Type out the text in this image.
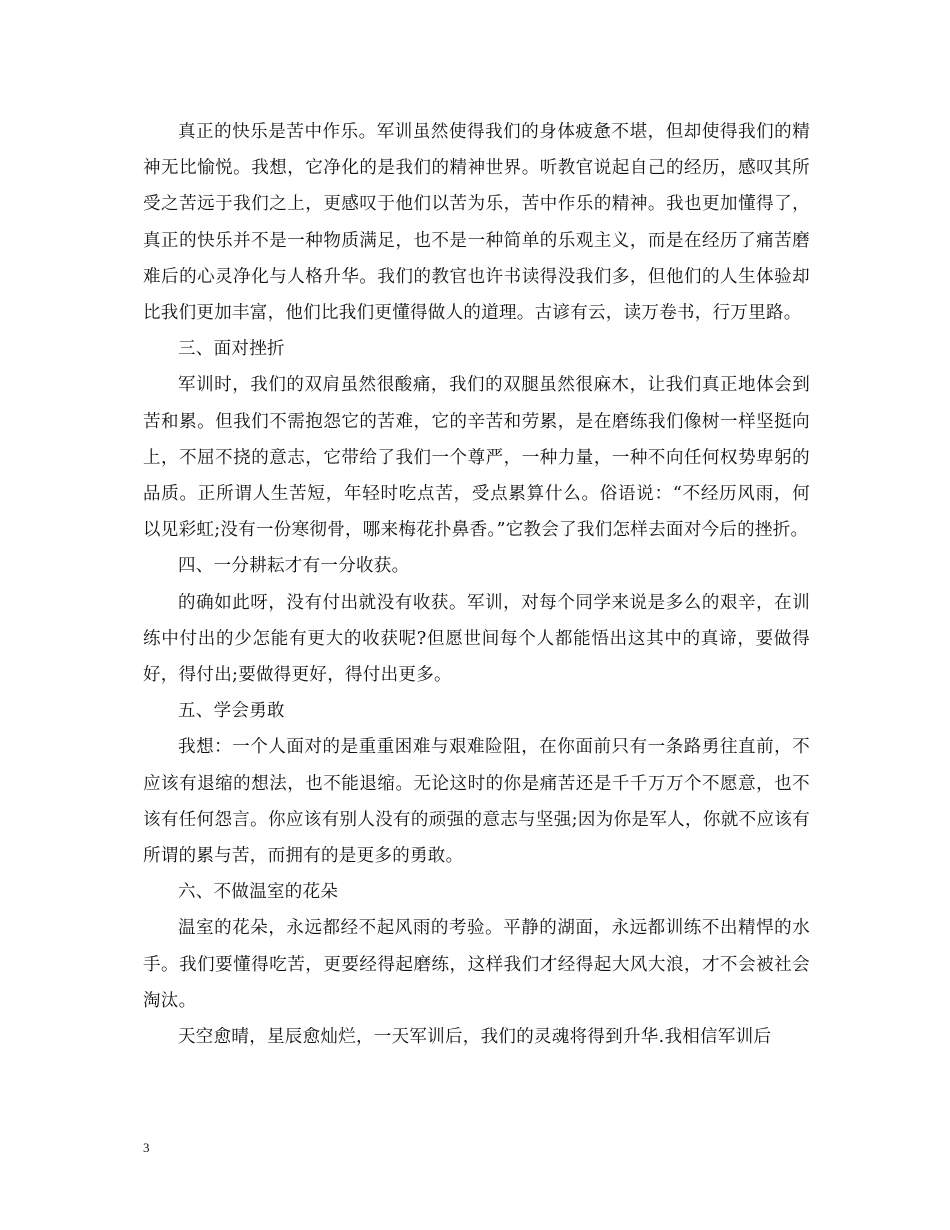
真正的快乐是苦中作乐。军训虽然使得我们的身体疲惫不堪，但却使得我们的精神无比愉悦。我想，它净化的是我们的精神世界。听教官说起自己的经历，感叹其所受之苦远于我们之上，更感叹于他们以苦为乐，苦中作乐的精神。我也更加懂得了，真正的快乐并不是一种物质满足，也不是一种简单的乐观主义，而是在经历了痛苦磨难后的心灵净化与人格升华。我们的教官也许书读得没我们多，但他们的人生体验却比我们更加丰富，他们比我们更懂得做人的道理。古谚有云，读万卷书，行万里路。

三、面对挫折

军训时，我们的双肩虽然很酸痛，我们的双腿虽然很麻木，让我们真正地体会到苦和累。但我们不需抱怨它的苦难，它的辛苦和劳累，是在磨练我们像树一样坚挺向上，不屈不挠的意志，它带给了我们一个尊严，一种力量，一种不向任何权势卑躬的品质。正所谓人生苦短，年轻时吃点苦，受点累算什么。俗语说：“不经历风雨，何以见彩虹;没有一份寒彻骨，哪来梅花扑鼻香。”它教会了我们怎样去面对今后的挫折。

四、一分耕耘才有一分收获。

的确如此呀，没有付出就没有收获。军训，对每个同学来说是多么的艰辛，在训练中付出的少怎能有更大的收获呢?但愿世间每个人都能悟出这其中的真谛，要做得好，得付出;要做得更好，得付出更多。

五、学会勇敢

我想：一个人面对的是重重困难与艰难险阻，在你面前只有一条路勇往直前，不应该有退缩的想法，也不能退缩。无论这时的你是痛苦还是千千万万个不愿意，也不该有任何怨言。你应该有别人没有的顽强的意志与坚强;因为你是军人，你就不应该有所谓的累与苦，而拥有的是更多的勇敢。

六、不做温室的花朵

温室的花朵，永远都经不起风雨的考验。平静的湖面，永远都训练不出精悍的水手。我们要懂得吃苦，更要经得起磨练，这样我们才经得起大风大浪，才不会被社会淘汰。

天空愈晴，星辰愈灿烂，一天军训后，我们的灵魂将得到升华.我相信军训后

3
